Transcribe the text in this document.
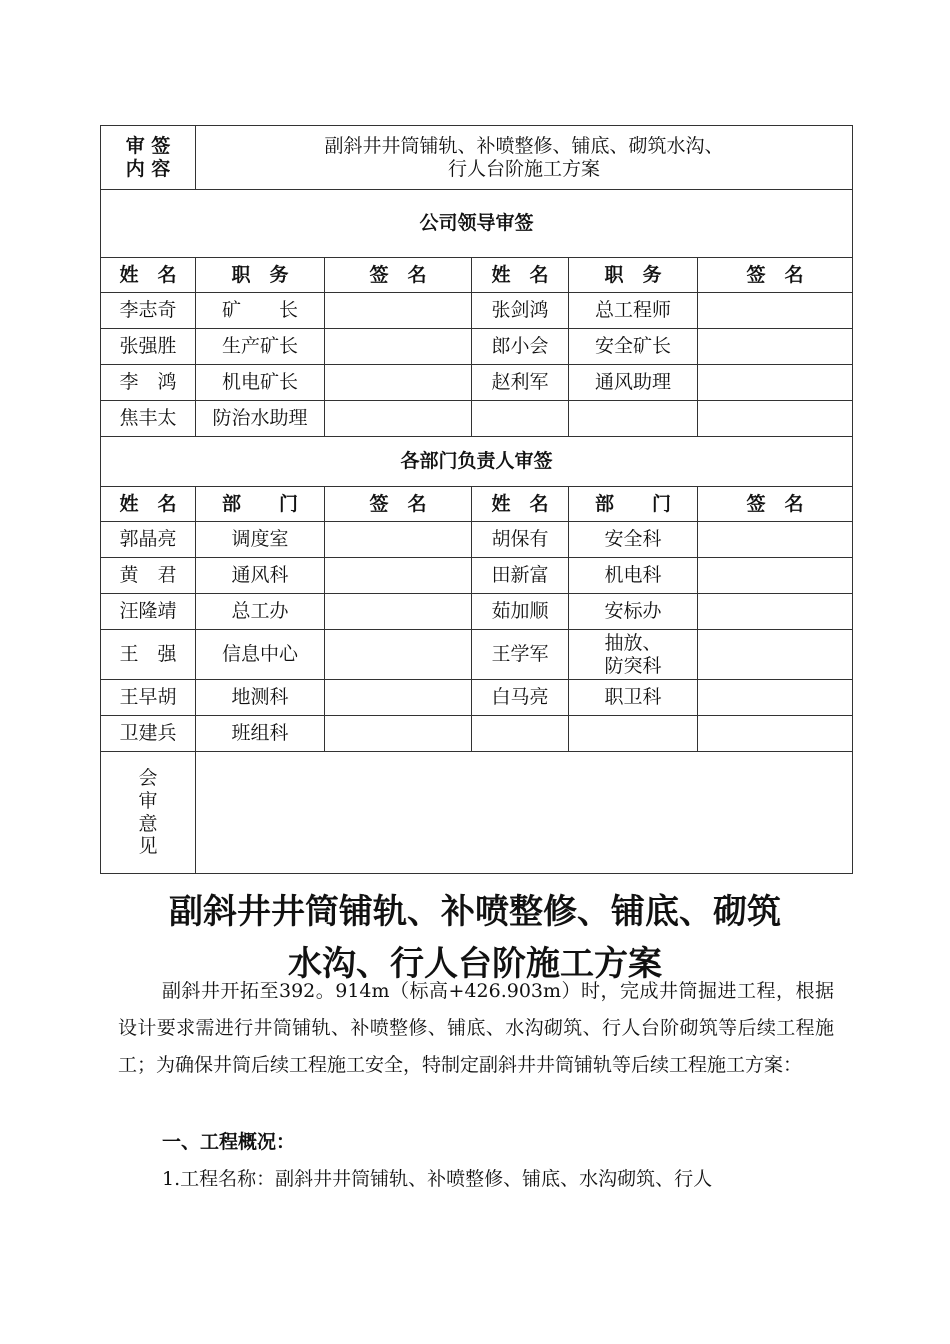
审 签
内 容	副斜井井筒铺轨、补喷整修、铺底、砌筑水沟、
行人台阶施工方案				
公司领导审签					
姓　名	职　务	签　名	姓　名	职　务	签　名
李志奇	矿　　长		张剑鸿	总工程师	
张强胜	生产矿长		郎小会	安全矿长	
李　鸿	机电矿长		赵利军	通风助理	
焦丰太	防治水助理				
各部门负责人审签					
姓　名	部　　门	签　名	姓　名	部　　门	签　名
郭晶亮	调度室		胡保有	安全科	
黄　君	通风科		田新富	机电科	
汪隆靖	总工办		茹加顺	安标办	
王　强	信息中心		王学军	抽放、
防突科	
王早胡	地测科		白马亮	职卫科	
卫建兵	班组科				
会
审
意
见					
副斜井井筒铺轨、补喷整修、铺底、砌筑
水沟、行人台阶施工方案

副斜井开拓至392。914m（标高+426.903m）时，完成井筒掘进工程，根据设计要求需进行井筒铺轨、补喷整修、铺底、水沟砌筑、行人台阶砌筑等后续工程施工；为确保井筒后续工程施工安全，特制定副斜井井筒铺轨等后续工程施工方案：

一、工程概况：

1.工程名称：副斜井井筒铺轨、补喷整修、铺底、水沟砌筑、行人
